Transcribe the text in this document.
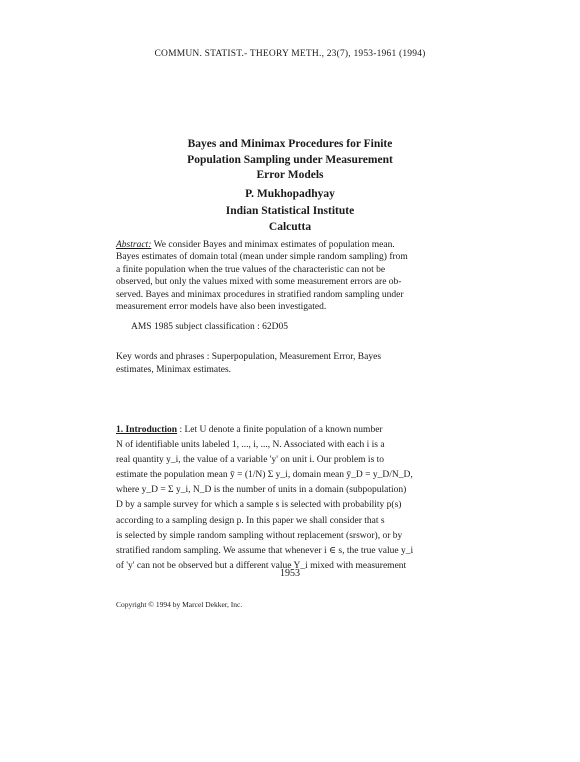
COMMUN. STATIST.- THEORY METH., 23(7), 1953-1961 (1994)
Bayes and Minimax Procedures for Finite
Population Sampling under Measurement
Error Models
P. Mukhopadhyay
Indian Statistical Institute
Calcutta
Abstract: We consider Bayes and minimax estimates of population mean.
Bayes estimates of domain total (mean under simple random sampling) from
a finite population when the true values of the characteristic can not be
observed, but only the values mixed with some measurement errors are ob-
served. Bayes and minimax procedures in stratified random sampling under
measurement error models have also been investigated.
AMS 1985 subject classification : 62D05
Key words and phrases : Superpopulation, Measurement Error, Bayes
estimates, Minimax estimates.
1. Introduction : Let U denote a finite population of a known number
N of identifiable units labeled 1, ..., i, ..., N. Associated with each i is a
real quantity y_i, the value of a variable 'y' on unit i. Our problem is to
estimate the population mean ȳ = (1/N) Σ y_i, domain mean ȳ_D = y_D/N_D,
where y_D = Σ y_i, N_D is the number of units in a domain (subpopulation)
D by a sample survey for which a sample s is selected with probability p(s)
according to a sampling design p. In this paper we shall consider that s
is selected by simple random sampling without replacement (srswor), or by
stratified random sampling. We assume that whenever i ∈ s, the true value y_i
of 'y' can not be observed but a different value Y_i mixed with measurement
1953
Copyright © 1994 by Marcel Dekker, Inc.
